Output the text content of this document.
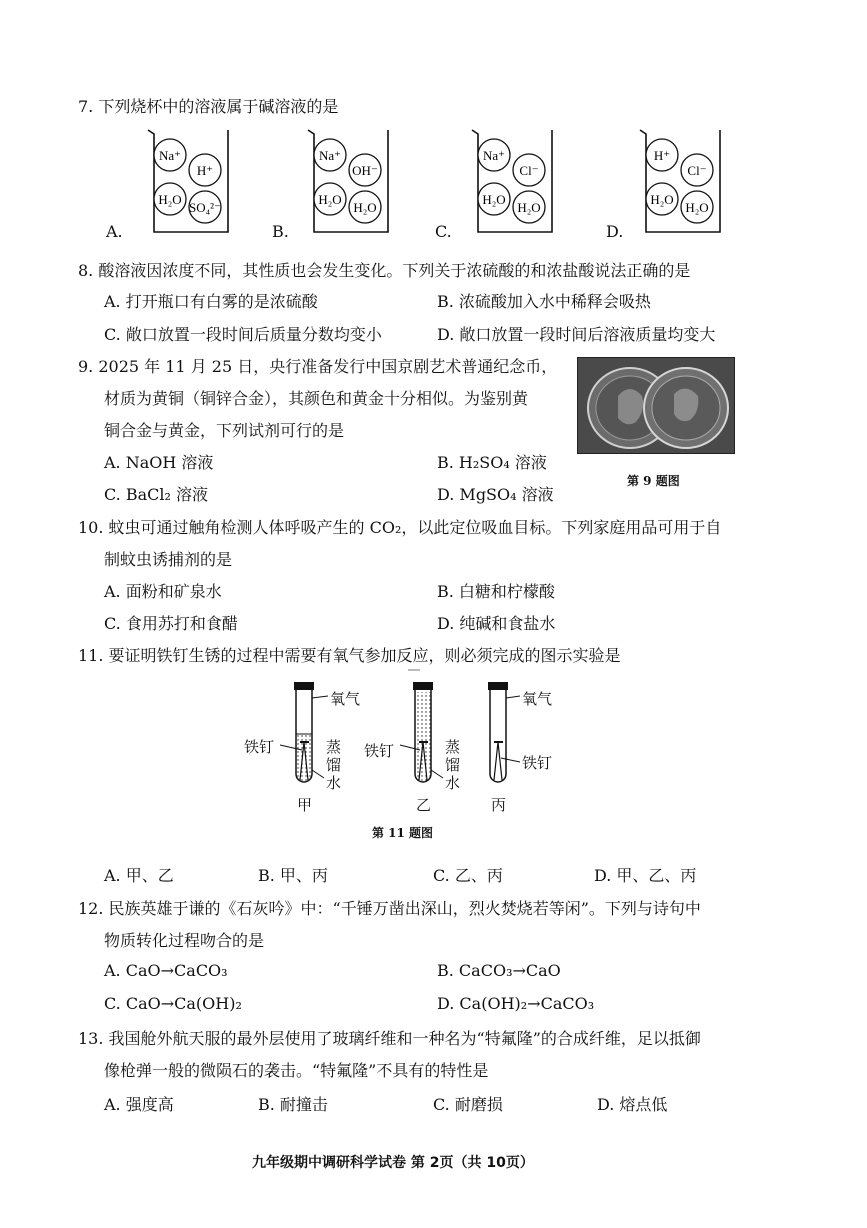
7. 下列烧杯中的溶液属于碱溶液的是
Na⁺
H⁺
H₂O
SO₄²⁻
A.
Na⁺
OH⁻
H₂O
H₂O
B.
Na⁺
Cl⁻
H₂O
H₂O
C.
H⁺
Cl⁻
H₂O
H₂O
D.
8. 酸溶液因浓度不同，其性质也会发生变化。下列关于浓硫酸的和浓盐酸说法正确的是
A. 打开瓶口有白雾的是浓硫酸	B. 浓硫酸加入水中稀释会吸热
C. 敞口放置一段时间后质量分数均变小	D. 敞口放置一段时间后溶液质量均变大
9. 2025 年 11 月 25 日，央行准备发行中国京剧艺术普通纪念币，
材质为黄铜（铜锌合金），其颜色和黄金十分相似。为鉴别黄
铜合金与黄金，下列试剂可行的是
A. NaOH 溶液	B. H₂SO₄ 溶液
C. BaCl₂ 溶液	D. MgSO₄ 溶液
第 9 题图
10. 蚊虫可通过触角检测人体呼吸产生的 CO₂，以此定位吸血目标。下列家庭用品可用于自
制蚊虫诱捕剂的是
A. 面粉和矿泉水	B. 白糖和柠檬酸
C. 食用苏打和食醋	D. 纯碱和食盐水
11. 要证明铁钉生锈的过程中需要有氧气参加反应，则必须完成的图示实验是
氧气
铁钉	蒸
馏
水
甲
铁钉	蒸
馏
水
乙
氧气
铁钉
丙
第 11 题图
A. 甲、乙	B. 甲、丙	C. 乙、丙	D. 甲、乙、丙
12. 民族英雄于谦的《石灰吟》中：“千锤万凿出深山，烈火焚烧若等闲”。下列与诗句中
物质转化过程吻合的是
A. CaO→CaCO₃	B. CaCO₃→CaO
C. CaO→Ca(OH)₂	D. Ca(OH)₂→CaCO₃
13. 我国舱外航天服的最外层使用了玻璃纤维和一种名为“特氟隆”的合成纤维，足以抵御
像枪弹一般的微陨石的袭击。“特氟隆”不具有的特性是
A. 强度高	B. 耐撞击	C. 耐磨损	D. 熔点低
九年级期中调研科学试卷 第 2页（共 10页）
